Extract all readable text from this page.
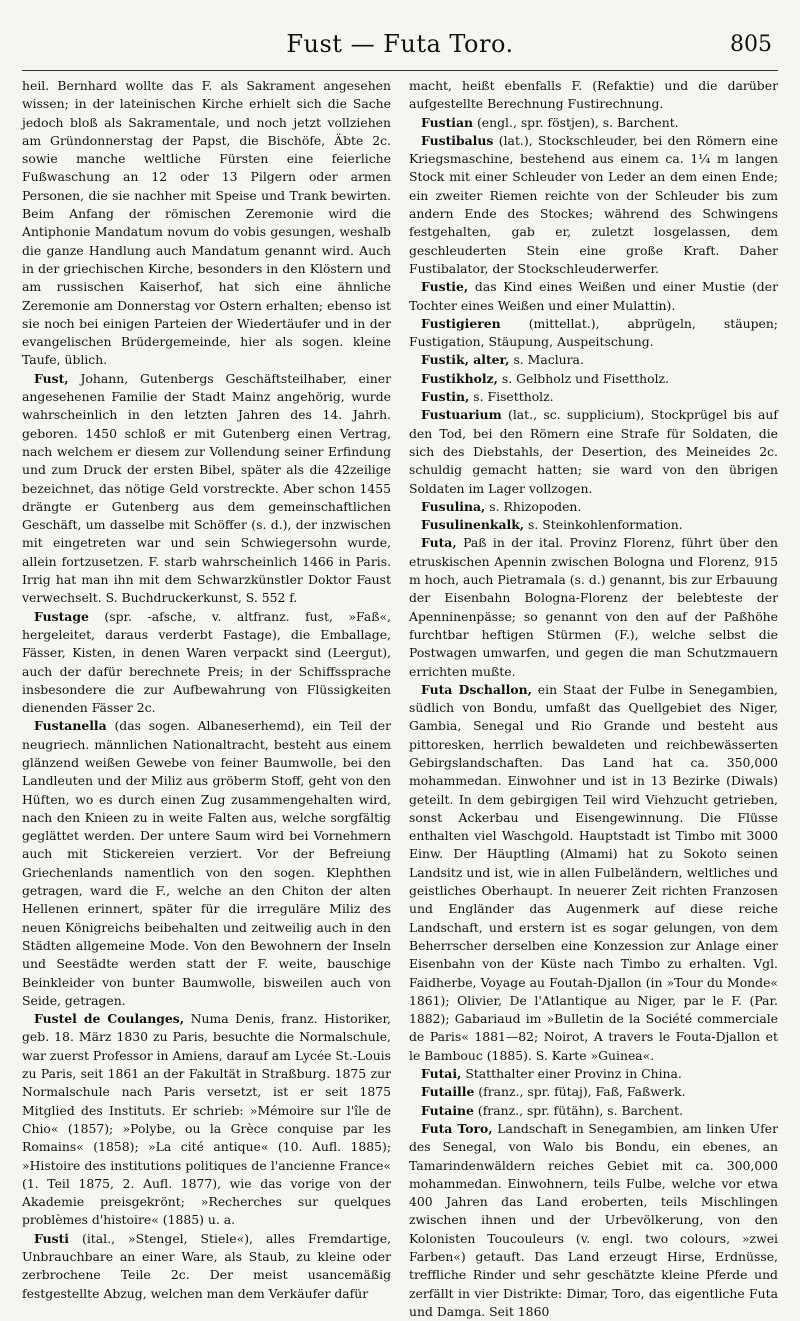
Fust — Futa Toro.	805

heil. Bernhard wollte das F. als Sakrament angesehen wissen; in der lateinischen Kirche erhielt sich die Sache jedoch bloß als Sakramentale, und noch jetzt vollziehen am Gründonnerstag der Papst, die Bischöfe, Äbte 2c. sowie manche weltliche Fürsten eine feierliche Fußwaschung an 12 oder 13 Pilgern oder armen Personen, die sie nachher mit Speise und Trank bewirten. Beim Anfang der römischen Zeremonie wird die Antiphonie Mandatum novum do vobis gesungen, weshalb die ganze Handlung auch Mandatum genannt wird. Auch in der griechischen Kirche, besonders in den Klöstern und am russischen Kaiserhof, hat sich eine ähnliche Zeremonie am Donnerstag vor Ostern erhalten; ebenso ist sie noch bei einigen Parteien der Wiedertäufer und in der evangelischen Brüdergemeinde, hier als sogen. kleine Taufe, üblich.

Fust, Johann, Gutenbergs Geschäftsteilhaber, einer angesehenen Familie der Stadt Mainz angehörig, wurde wahrscheinlich in den letzten Jahren des 14. Jahrh. geboren. 1450 schloß er mit Gutenberg einen Vertrag, nach welchem er diesem zur Vollendung seiner Erfindung und zum Druck der ersten Bibel, später als die 42zeilige bezeichnet, das nötige Geld vorstreckte. Aber schon 1455 drängte er Gutenberg aus dem gemeinschaftlichen Geschäft, um dasselbe mit Schöffer (s. d.), der inzwischen mit eingetreten war und sein Schwiegersohn wurde, allein fortzusetzen. F. starb wahrscheinlich 1466 in Paris. Irrig hat man ihn mit dem Schwarzkünstler Doktor Faust verwechselt. S. Buchdruckerkunst, S. 552 f.

Fustage (spr. -afsche, v. altfranz. fust, »Faß«, hergeleitet, daraus verderbt Fastage), die Emballage, Fässer, Kisten, in denen Waren verpackt sind (Leergut), auch der dafür berechnete Preis; in der Schiffssprache insbesondere die zur Aufbewahrung von Flüssigkeiten dienenden Fässer 2c.

Fustanella (das sogen. Albaneserhemd), ein Teil der neugriech. männlichen Nationaltracht, besteht aus einem glänzend weißen Gewebe von feiner Baumwolle, bei den Landleuten und der Miliz aus gröberm Stoff, geht von den Hüften, wo es durch einen Zug zusammengehalten wird, nach den Knieen zu in weite Falten aus, welche sorgfältig geglättet werden. Der untere Saum wird bei Vornehmern auch mit Stickereien verziert. Vor der Befreiung Griechenlands namentlich von den sogen. Klephthen getragen, ward die F., welche an den Chiton der alten Hellenen erinnert, später für die irreguläre Miliz des neuen Königreichs beibehalten und zeitweilig auch in den Städten allgemeine Mode. Von den Bewohnern der Inseln und Seestädte werden statt der F. weite, bauschige Beinkleider von bunter Baumwolle, bisweilen auch von Seide, getragen.

Fustel de Coulanges, Numa Denis, franz. Historiker, geb. 18. März 1830 zu Paris, besuchte die Normalschule, war zuerst Professor in Amiens, darauf am Lycée St.-Louis zu Paris, seit 1861 an der Fakultät in Straßburg. 1875 zur Normalschule nach Paris versetzt, ist er seit 1875 Mitglied des Instituts. Er schrieb: »Mémoire sur l'île de Chio« (1857); »Polybe, ou la Grèce conquise par les Romains« (1858); »La cité antique« (10. Aufl. 1885); »Histoire des institutions politiques de l'ancienne France« (1. Teil 1875, 2. Aufl. 1877), wie das vorige von der Akademie preisgekrönt; »Recherches sur quelques problèmes d'histoire« (1885) u. a.

Fusti (ital., »Stengel, Stiele«), alles Fremdartige, Unbrauchbare an einer Ware, als Staub, zu kleine oder zerbrochene Teile 2c. Der meist usancemäßig festgestellte Abzug, welchen man dem Verkäufer dafür

macht, heißt ebenfalls F. (Refaktie) und die darüber aufgestellte Berechnung Fustirechnung.

Fustian (engl., spr. föstjen), s. Barchent.

Fustibalus (lat.), Stockschleuder, bei den Römern eine Kriegsmaschine, bestehend aus einem ca. 1¼ m langen Stock mit einer Schleuder von Leder an dem einen Ende; ein zweiter Riemen reichte von der Schleuder bis zum andern Ende des Stockes; während des Schwingens festgehalten, gab er, zuletzt losgelassen, dem geschleuderten Stein eine große Kraft. Daher Fustibalator, der Stockschleuderwerfer.

Fustie, das Kind eines Weißen und einer Mustie (der Tochter eines Weißen und einer Mulattin).

Fustigieren (mittellat.), abprügeln, stäupen; Fustigation, Stäupung, Auspeitschung.

Fustik, alter, s. Maclura.

Fustikholz, s. Gelbholz und Fisettholz.

Fustin, s. Fisettholz.

Fustuarium (lat., sc. supplicium), Stockprügel bis auf den Tod, bei den Römern eine Strafe für Soldaten, die sich des Diebstahls, der Desertion, des Meineides 2c. schuldig gemacht hatten; sie ward von den übrigen Soldaten im Lager vollzogen.

Fusulina, s. Rhizopoden.

Fusulinenkalk, s. Steinkohlenformation.

Futa, Paß in der ital. Provinz Florenz, führt über den etruskischen Apennin zwischen Bologna und Florenz, 915 m hoch, auch Pietramala (s. d.) genannt, bis zur Erbauung der Eisenbahn Bologna-Florenz der belebteste der Apenninenpässe; so genannt von den auf der Paßhöhe furchtbar heftigen Stürmen (F.), welche selbst die Postwagen umwarfen, und gegen die man Schutzmauern errichten mußte.

Futa Dschallon, ein Staat der Fulbe in Senegambien, südlich von Bondu, umfaßt das Quellgebiet des Niger, Gambia, Senegal und Rio Grande und besteht aus pittoresken, herrlich bewaldeten und reichbewässerten Gebirgslandschaften. Das Land hat ca. 350,000 mohammedan. Einwohner und ist in 13 Bezirke (Diwals) geteilt. In dem gebirgigen Teil wird Viehzucht getrieben, sonst Ackerbau und Eisengewinnung. Die Flüsse enthalten viel Waschgold. Hauptstadt ist Timbo mit 3000 Einw. Der Häuptling (Almami) hat zu Sokoto seinen Landsitz und ist, wie in allen Fulbeländern, weltliches und geistliches Oberhaupt. In neuerer Zeit richten Franzosen und Engländer das Augenmerk auf diese reiche Landschaft, und erstern ist es sogar gelungen, von dem Beherrscher derselben eine Konzession zur Anlage einer Eisenbahn von der Küste nach Timbo zu erhalten. Vgl. Faidherbe, Voyage au Foutah-Djallon (in »Tour du Monde« 1861); Olivier, De l'Atlantique au Niger, par le F. (Par. 1882); Gabariaud im »Bulletin de la Société commerciale de Paris« 1881—82; Noirot, A travers le Fouta-Djallon et le Bambouc (1885). S. Karte »Guinea«.

Futai, Statthalter einer Provinz in China.

Futaille (franz., spr. fütaj), Faß, Faßwerk.

Futaine (franz., spr. fütähn), s. Barchent.

Futa Toro, Landschaft in Senegambien, am linken Ufer des Senegal, von Walo bis Bondu, ein ebenes, an Tamarindenwäldern reiches Gebiet mit ca. 300,000 mohammedan. Einwohnern, teils Fulbe, welche vor etwa 400 Jahren das Land eroberten, teils Mischlingen zwischen ihnen und der Urbevölkerung, von den Kolonisten Toucouleurs (v. engl. two colours, »zwei Farben«) getauft. Das Land erzeugt Hirse, Erdnüsse, treffliche Rinder und sehr geschätzte kleine Pferde und zerfällt in vier Distrikte: Dimar, Toro, das eigentliche Futa und Damga. Seit 1860
